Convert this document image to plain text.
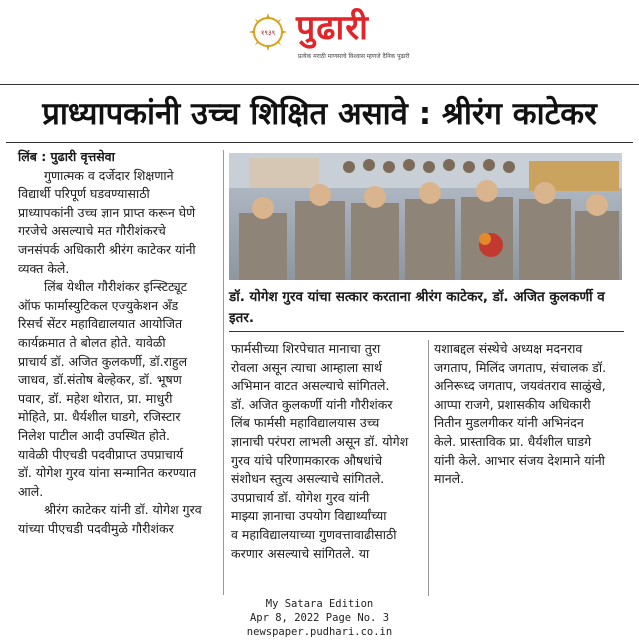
१९३९ पुढारी
प्रत्‍येक मराठी माणसाचे विश्‍वास म्‍हणजे दैनिक पुढारी
प्राध्यापकांनी उच्च शिक्षित असावे : श्रीरंग काटेकर

लिंब : पुढारी वृत्तसेवा

गुणात्मक व दर्जेदार शिक्षणाने

विद्यार्थी परिपूर्ण घडवण्यासाठी

प्राध्यापकांनी उच्च ज्ञान प्राप्त करून घेणे

गरजेचे असल्याचे मत गौरीशंकरचे

जनसंपर्क अधिकारी श्रीरंग काटेकर यांनी

व्यक्त केले.

लिंब येथील गौरीशंकर इन्स्टिट्यूट

ऑफ फार्मास्युटिकल एज्युकेशन अँड

रिसर्च सेंटर महाविद्यालयात आयोजित

कार्यक्रमात ते बोलत होते. यावेळी

प्राचार्य डॉ. अजित कुलकर्णी, डॉ.राहुल

जाधव, डॉ.संतोष बेल्हेकर, डॉ. भूषण

पवार, डॉ. महेश थोरात, प्रा. माधुरी

मोहिते, प्रा. धैर्यशील घाडगे, रजिस्टार

निलेश पाटील आदी उपस्थित होते.

यावेळी पीएचडी पदवीप्राप्त उपप्राचार्य

डॉ. योगेश गुरव यांना सन्मानित करण्यात

आले.

श्रीरंग काटेकर यांनी डॉ. योगेश गुरव

यांच्या पीएचडी पदवीमुळे गौरीशंकर

डॉ. योगेश गुरव यांचा सत्कार करताना श्रीरंग काटेकर, डॉ. अजित कुलकर्णी व इतर.

फार्मसीच्या शिरपेचात मानाचा तुरा

रोवला असून त्याचा आम्हाला सार्थ

अभिमान वाटत असल्याचे सांगितले.

डॉ. अजित कुलकर्णी यांनी गौरीशंकर

लिंब फार्मसी महाविद्यालयास उच्च

ज्ञानाची परंपरा लाभली असून डॉ. योगेश

गुरव यांचे परिणामकारक औषधांचे

संशोधन स्तुत्य असल्याचे सांगितले.

उपप्राचार्य डॉ. योगेश गुरव यांनी

माझ्या ज्ञानाचा उपयोग विद्यार्थ्यांच्या

व महाविद्यालयाच्या गुणवत्तावाढीसाठी

करणार असल्याचे सांगितले. या

यशाबद्दल संस्थेचे अध्यक्ष मदनराव

जगताप, मिलिंद जगताप, संचालक डॉ.

अनिरूध्द जगताप, जयवंतराव साळुंखे,

आप्पा राजगे, प्रशासकीय अधिकारी

नितीन मुडलगीकर यांनी अभिनंदन

केले. प्रास्ताविक प्रा. धैर्यशील घाडगे

यांनी केले. आभार संजय देशमाने यांनी

मानले.

My Satara Edition
Apr 8, 2022 Page No. 3
newspaper.pudhari.co.in
